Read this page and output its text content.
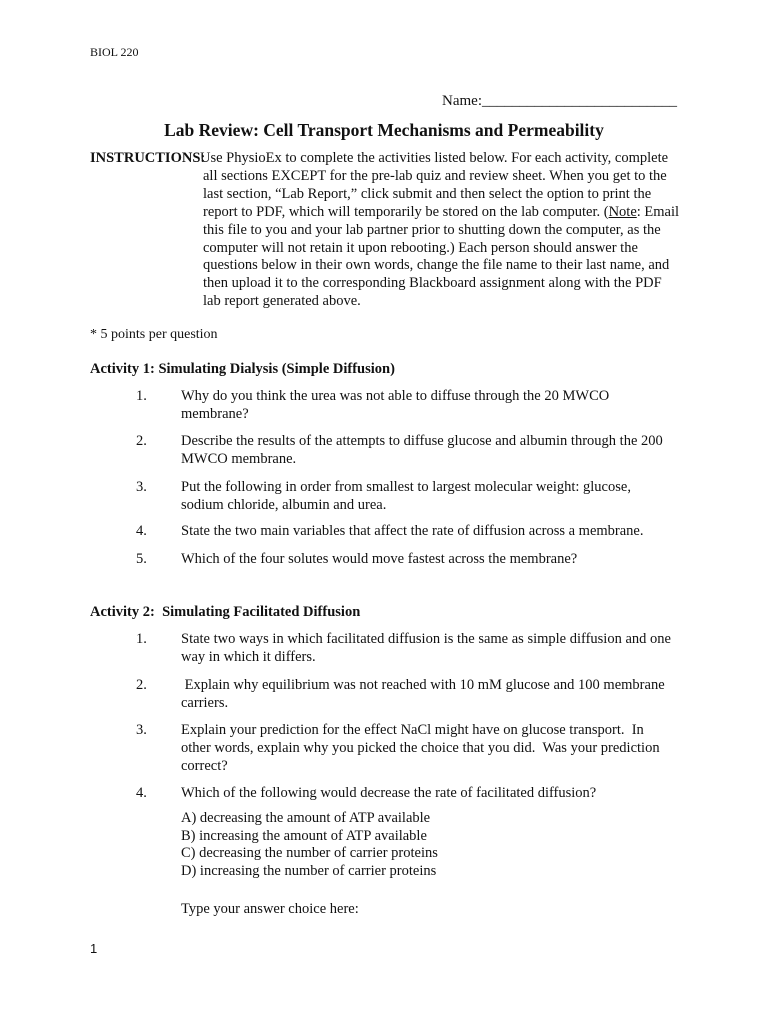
BIOL 220
Name:__________________________
Lab Review: Cell Transport Mechanisms and Permeability
INSTRUCTIONS:
Use PhysioEx to complete the activities listed below. For each activity, complete all sections EXCEPT for the pre-lab quiz and review sheet. When you get to the last section, “Lab Report,” click submit and then select the option to print the report to PDF, which will temporarily be stored on the lab computer. (Note: Email this file to you and your lab partner prior to shutting down the computer, as the computer will not retain it upon rebooting.) Each person should answer the questions below in their own words, change the file name to their last name, and then upload it to the corresponding Blackboard assignment along with the PDF lab report generated above.
* 5 points per question
Activity 1: Simulating Dialysis (Simple Diffusion)
1. Why do you think the urea was not able to diffuse through the 20 MWCO membrane?
2. Describe the results of the attempts to diffuse glucose and albumin through the 200 MWCO membrane.
3. Put the following in order from smallest to largest molecular weight: glucose, sodium chloride, albumin and urea.
4. State the two main variables that affect the rate of diffusion across a membrane.
5. Which of the four solutes would move fastest across the membrane?
Activity 2:  Simulating Facilitated Diffusion
1. State two ways in which facilitated diffusion is the same as simple diffusion and one way in which it differs.
2. Explain why equilibrium was not reached with 10 mM glucose and 100 membrane carriers.
3. Explain your prediction for the effect NaCl might have on glucose transport.  In other words, explain why you picked the choice that you did.  Was your prediction correct?
4. Which of the following would decrease the rate of facilitated diffusion?
A) decreasing the amount of ATP available
B) increasing the amount of ATP available
C) decreasing the number of carrier proteins
D) increasing the number of carrier proteins
Type your answer choice here:
1
